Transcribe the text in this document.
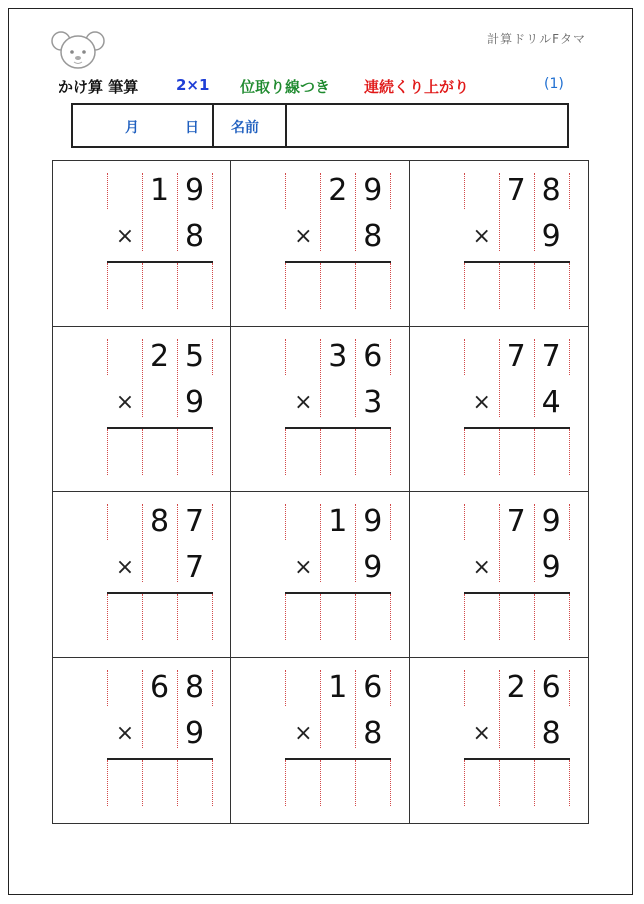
計算ドリルFタマ
かけ算 筆算	2×1 位取り線つき 連続くり上がり	(1)
月	日 名前
1 9
× 8
2 9
× 8
7 8
× 9
2 5
× 9
3 6
× 3
7 7
× 4
8 7
× 7
1 9
× 9
7 9
× 9
6 8
× 9
1 6
× 8
2 6
× 8
